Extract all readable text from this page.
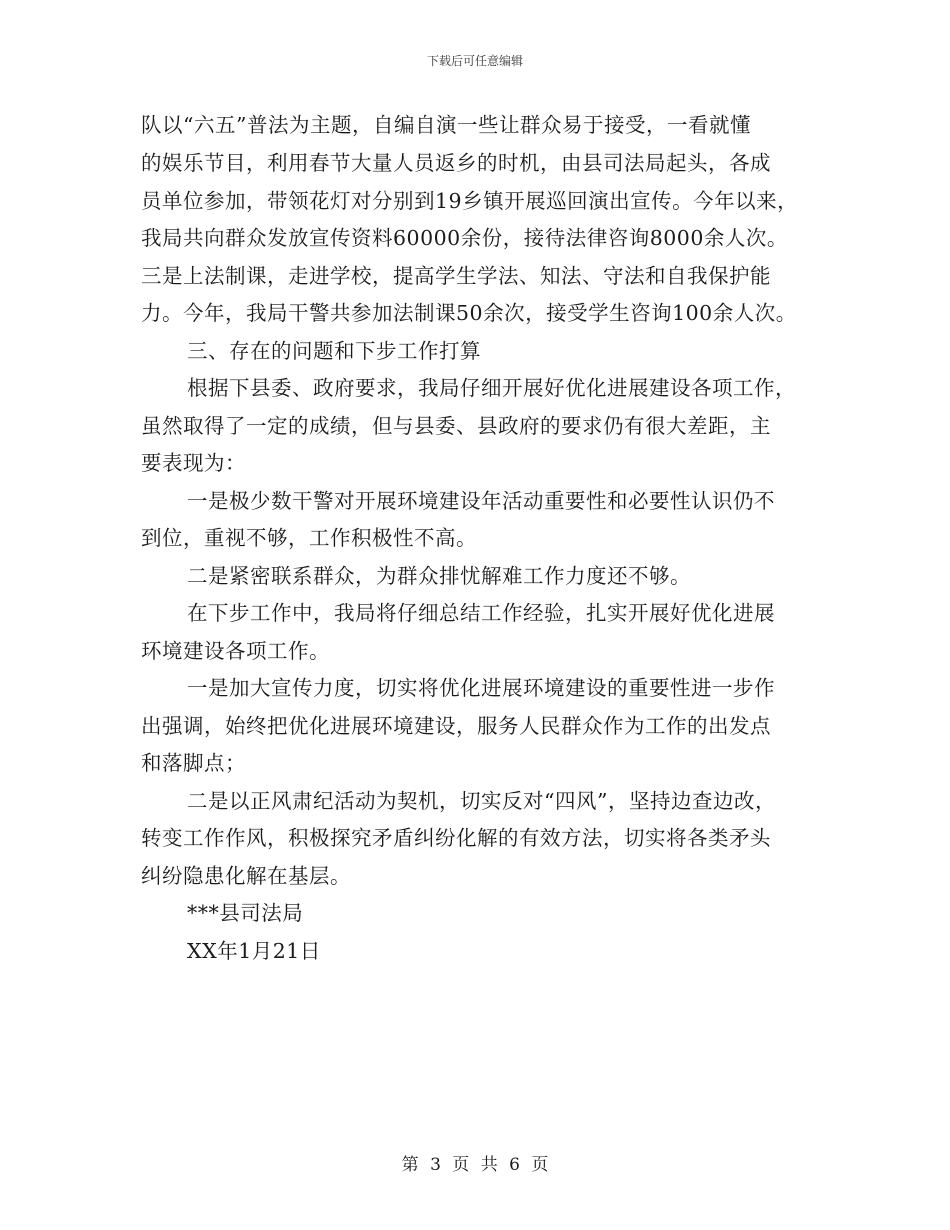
下载后可任意编辑
队以“六五”普法为主题，自编自演一些让群众易于接受，一看就懂
的娱乐节目，利用春节大量人员返乡的时机，由县司法局起头，各成
员单位参加，带领花灯对分别到19乡镇开展巡回演出宣传。今年以来，
我局共向群众发放宣传资料60000余份，接待法律咨询8000余人次。
三是上法制课，走进学校，提高学生学法、知法、守法和自我保护能
力。今年，我局干警共参加法制课50余次，接受学生咨询100余人次。
三、存在的问题和下步工作打算
根据下县委、政府要求，我局仔细开展好优化进展建设各项工作，
虽然取得了一定的成绩，但与县委、县政府的要求仍有很大差距，主
要表现为：
一是极少数干警对开展环境建设年活动重要性和必要性认识仍不
到位，重视不够，工作积极性不高。
二是紧密联系群众，为群众排忧解难工作力度还不够。
在下步工作中，我局将仔细总结工作经验，扎实开展好优化进展
环境建设各项工作。
一是加大宣传力度，切实将优化进展环境建设的重要性进一步作
出强调，始终把优化进展环境建设，服务人民群众作为工作的出发点
和落脚点；
二是以正风肃纪活动为契机，切实反对“四风”，坚持边查边改，
转变工作作风，积极探究矛盾纠纷化解的有效方法，切实将各类矛头
纠纷隐患化解在基层。
***县司法局
XX年1月21日
第 3 页 共 6 页
